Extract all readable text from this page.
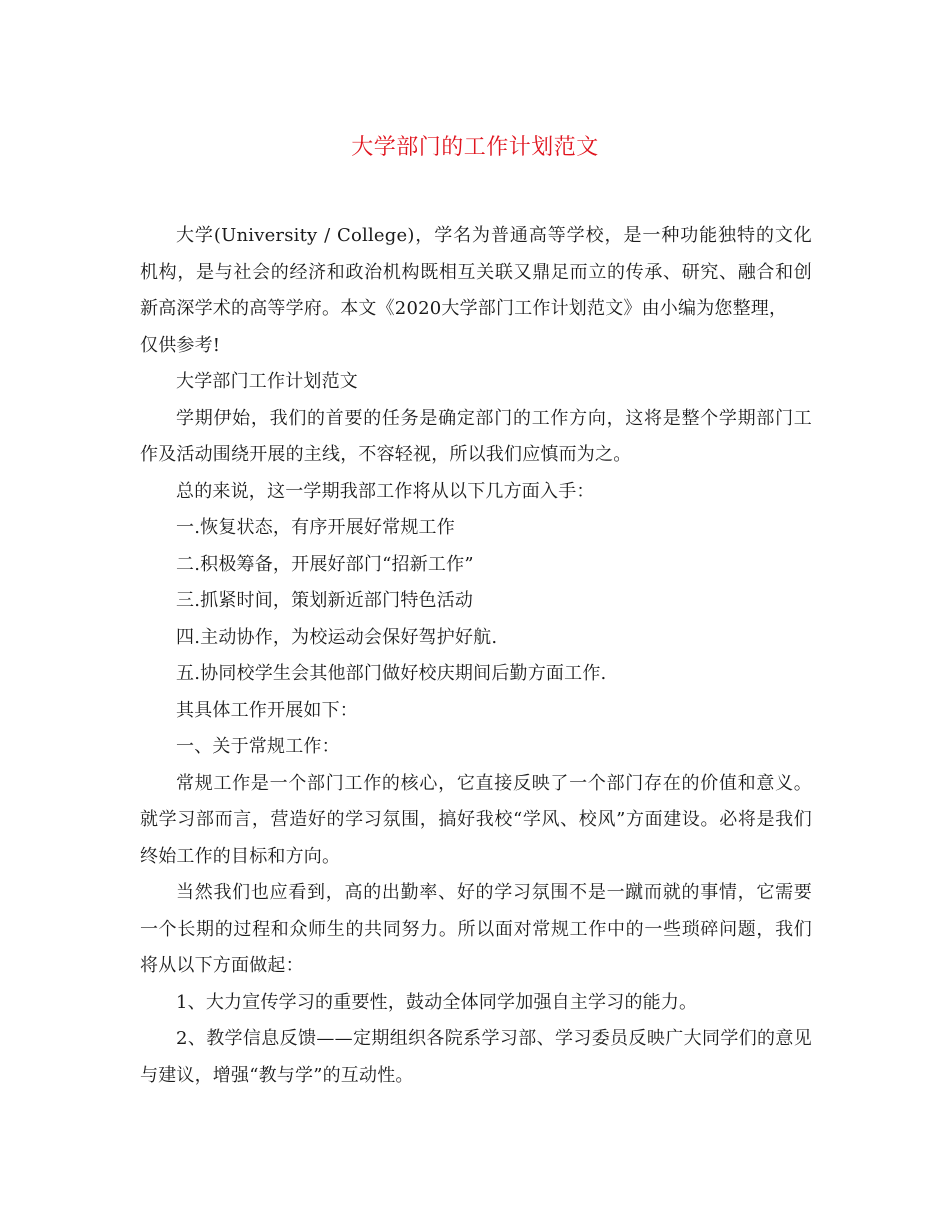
大学部门的工作计划范文

大学(University / College)，学名为普通高等学校，是一种功能独特的文化机构，是与社会的经济和政治机构既相互关联又鼎足而立的传承、研究、融合和创新高深学术的高等学府。本文《2020大学部门工作计划范文》由小编为您整理，

仅供参考!

大学部门工作计划范文

学期伊始，我们的首要的任务是确定部门的工作方向，这将是整个学期部门工作及活动围绕开展的主线，不容轻视，所以我们应慎而为之。

总的来说，这一学期我部工作将从以下几方面入手：

一.恢复状态，有序开展好常规工作

二.积极筹备，开展好部门“招新工作”

三.抓紧时间，策划新近部门特色活动

四.主动协作，为校运动会保好驾护好航.

五.协同校学生会其他部门做好校庆期间后勤方面工作.

其具体工作开展如下：

一、关于常规工作：

常规工作是一个部门工作的核心，它直接反映了一个部门存在的价值和意义。就学习部而言，营造好的学习氛围，搞好我校“学风、校风”方面建设。必将是我们终始工作的目标和方向。

当然我们也应看到，高的出勤率、好的学习氛围不是一蹴而就的事情，它需要一个长期的过程和众师生的共同努力。所以面对常规工作中的一些琐碎问题，我们将从以下方面做起：

1、大力宣传学习的重要性，鼓动全体同学加强自主学习的能力。

2、教学信息反馈——定期组织各院系学习部、学习委员反映广大同学们的意见与建议，增强“教与学”的互动性。
